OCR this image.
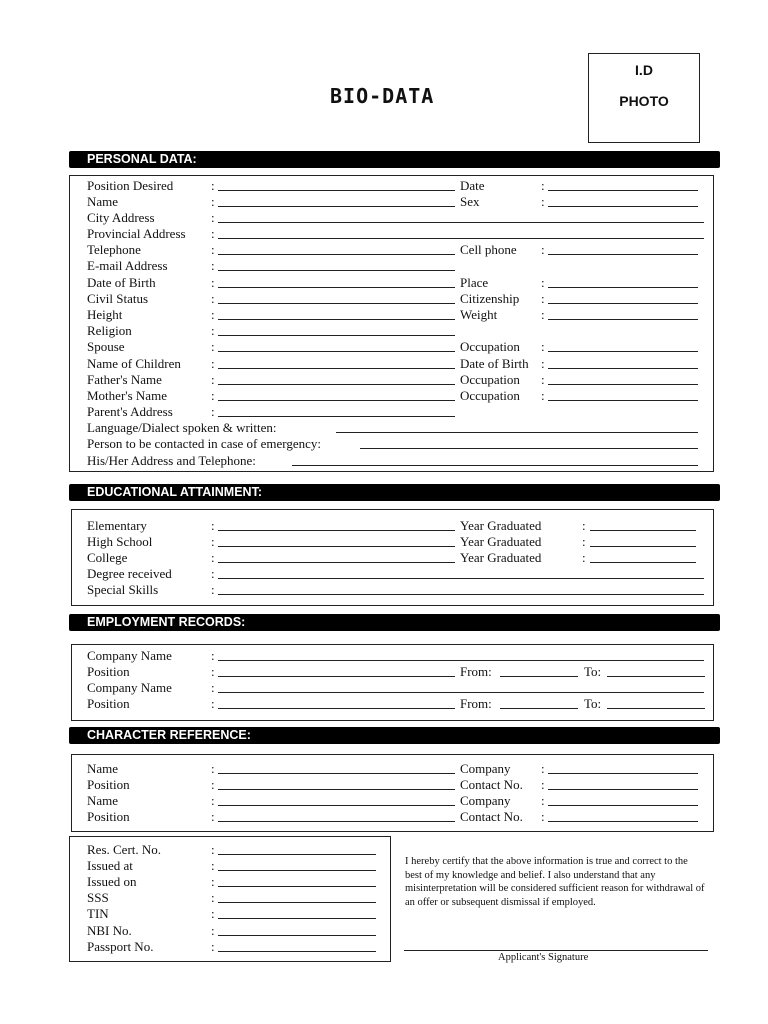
BIO-DATA
I.D
PHOTO
PERSONAL DATA:
Position Desired	:	Date	:
Name	:	Sex	:
City Address	:
Provincial Address :
Telephone	:	Cell phone :
E-mail Address	:
Date of Birth	:	Place	:
Civil Status	:	Citizenship :
Height	:	Weight	:
Religion	:
Spouse	:	Occupation :
Name of Children :	Date of Birth :
Father's Name	:	Occupation :
Mother's Name	:	Occupation :
Parent's Address	:
Language/Dialect spoken & written:
Person to be contacted in case of emergency:
His/Her Address and Telephone:
EDUCATIONAL ATTAINMENT:
Elementary	:	Year Graduated	:
High School	:	Year Graduated	:
College	:	Year Graduated	:
Degree received	:
Special Skills	:
EMPLOYMENT RECORDS:
Company Name	:
Position	:	From:	To:
Company Name	:
Position	:	From:	To:
CHARACTER REFERENCE:
Name	:	Company :
Position	:	Contact No. :
Name	:	Company :
Position	:	Contact No. :
Res. Cert. No.	:
Issued at	:
Issued on	:
SSS	:
TIN	:
NBI No.	:
Passport No.	:
I hereby certify that the above information is true and correct to the best of my knowledge and belief. I also understand that any misinterpretation will be considered sufficient reason for withdrawal of an offer or subsequent dismissal if employed.
Applicant's Signature
